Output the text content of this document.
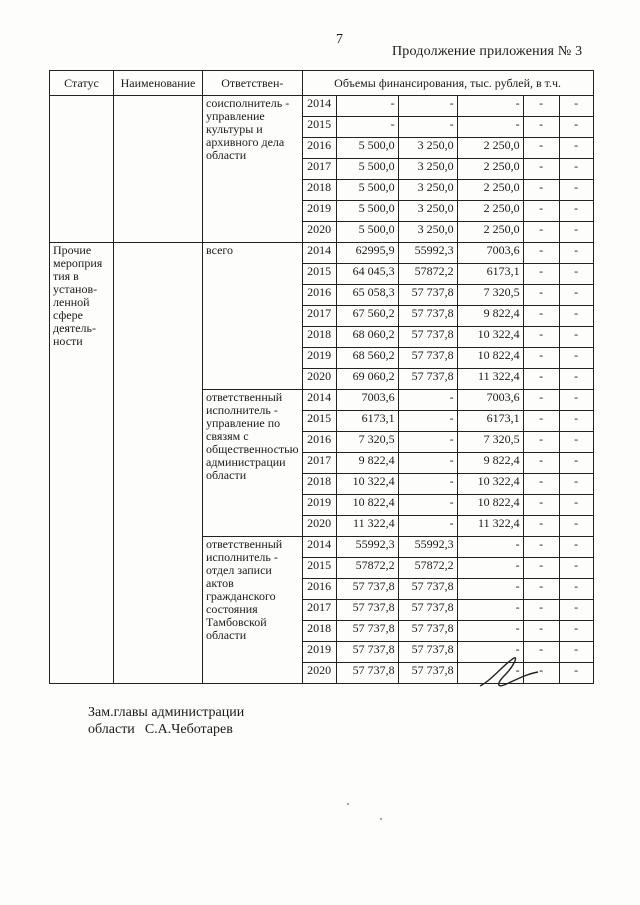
7
Продолжение приложения № 3
Статус	Наименование	Ответствен-	Объемы финансирования, тыс. рублей, в т.ч.					
		соисполнитель - управление культуры и архивного дела области	2014	-	-	-	-	-
			2015	-	-	-	-	-
			2016	5 500,0	3 250,0	2 250,0	-	-
			2017	5 500,0	3 250,0	2 250,0	-	-
			2018	5 500,0	3 250,0	2 250,0	-	-
			2019	5 500,0	3 250,0	2 250,0	-	-
			2020	5 500,0	3 250,0	2 250,0	-	-
Прочие мероприя тия в установ- ленной сфере деятель- ности		всего	2014	62995,9	55992,3	7003,6	-	-
			2015	64 045,3	57872,2	6173,1	-	-
			2016	65 058,3	57 737,8	7 320,5	-	-
			2017	67 560,2	57 737,8	9 822,4	-	-
			2018	68 060,2	57 737,8	10 322,4	-	-
			2019	68 560,2	57 737,8	10 822,4	-	-
			2020	69 060,2	57 737,8	11 322,4	-	-
		ответственный исполнитель - управление по связям с общественностью администрации области	2014	7003,6	-	7003,6	-	-
			2015	6173,1	-	6173,1	-	-
			2016	7 320,5	-	7 320,5	-	-
			2017	9 822,4	-	9 822,4	-	-
			2018	10 322,4	-	10 322,4	-	-
			2019	10 822,4	-	10 822,4	-	-
			2020	11 322,4	-	11 322,4	-	-
		ответственный исполнитель - отдел записи актов гражданского состояния Тамбовской области	2014	55992,3	55992,3	-	-	-
			2015	57872,2	57872,2	-	-	-
			2016	57 737,8	57 737,8	-	-	-
			2017	57 737,8	57 737,8	-	-	-
			2018	57 737,8	57 737,8	-	-	-
			2019	57 737,8	57 737,8	-	-	-
			2020	57 737,8	57 737,8	-	-	-
Зам.главы администрации
области С.А.Чеботарев
